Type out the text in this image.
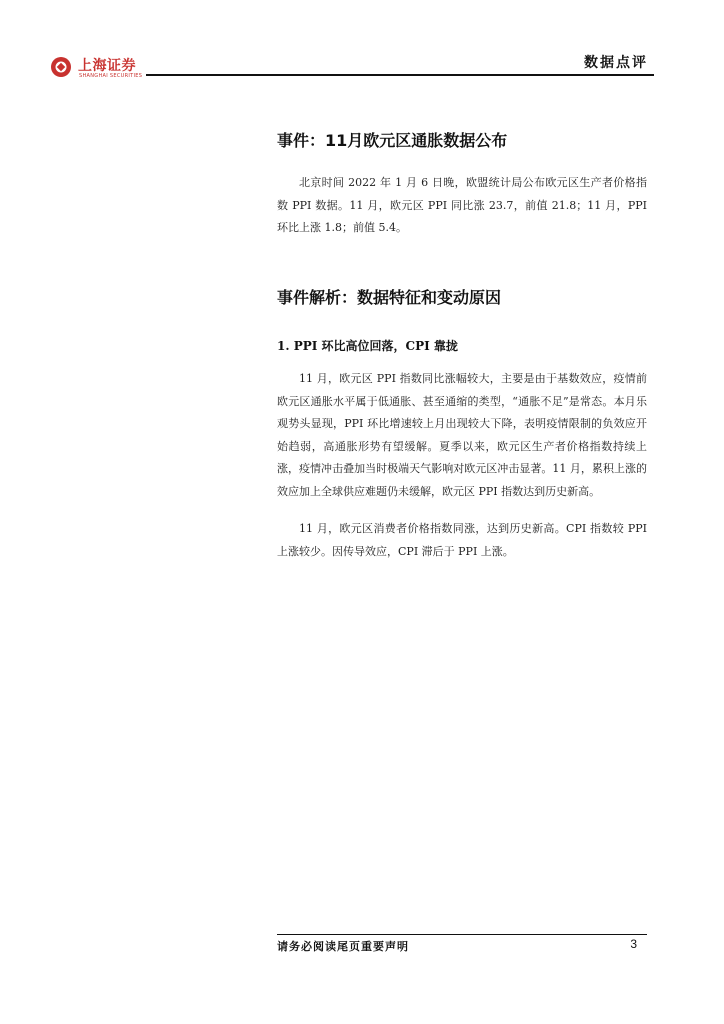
上海证券
SHANGHAI SECURITIES
数据点评
事件：11月欧元区通胀数据公布

北京时间 2022 年 1 月 6 日晚，欧盟统计局公布欧元区生产者价格指数 PPI 数据。11 月，欧元区 PPI 同比涨 23.7，前值 21.8；11 月，PPI 环比上涨 1.8；前值 5.4。

事件解析：数据特征和变动原因
1. PPI 环比高位回落，CPI 靠拢

11 月，欧元区 PPI 指数同比涨幅较大，主要是由于基数效应，疫情前欧元区通胀水平属于低通胀、甚至通缩的类型，“通胀不足”是常态。本月乐观势头显现，PPI 环比增速较上月出现较大下降，表明疫情限制的负效应开始趋弱，高通胀形势有望缓解。夏季以来，欧元区生产者价格指数持续上涨，疫情冲击叠加当时极端天气影响对欧元区冲击显著。11 月，累积上涨的效应加上全球供应难题仍未缓解，欧元区 PPI 指数达到历史新高。

11 月，欧元区消费者价格指数同涨，达到历史新高。CPI 指数较 PPI 上涨较少。因传导效应，CPI 滞后于 PPI 上涨。

请务必阅读尾页重要声明	3
